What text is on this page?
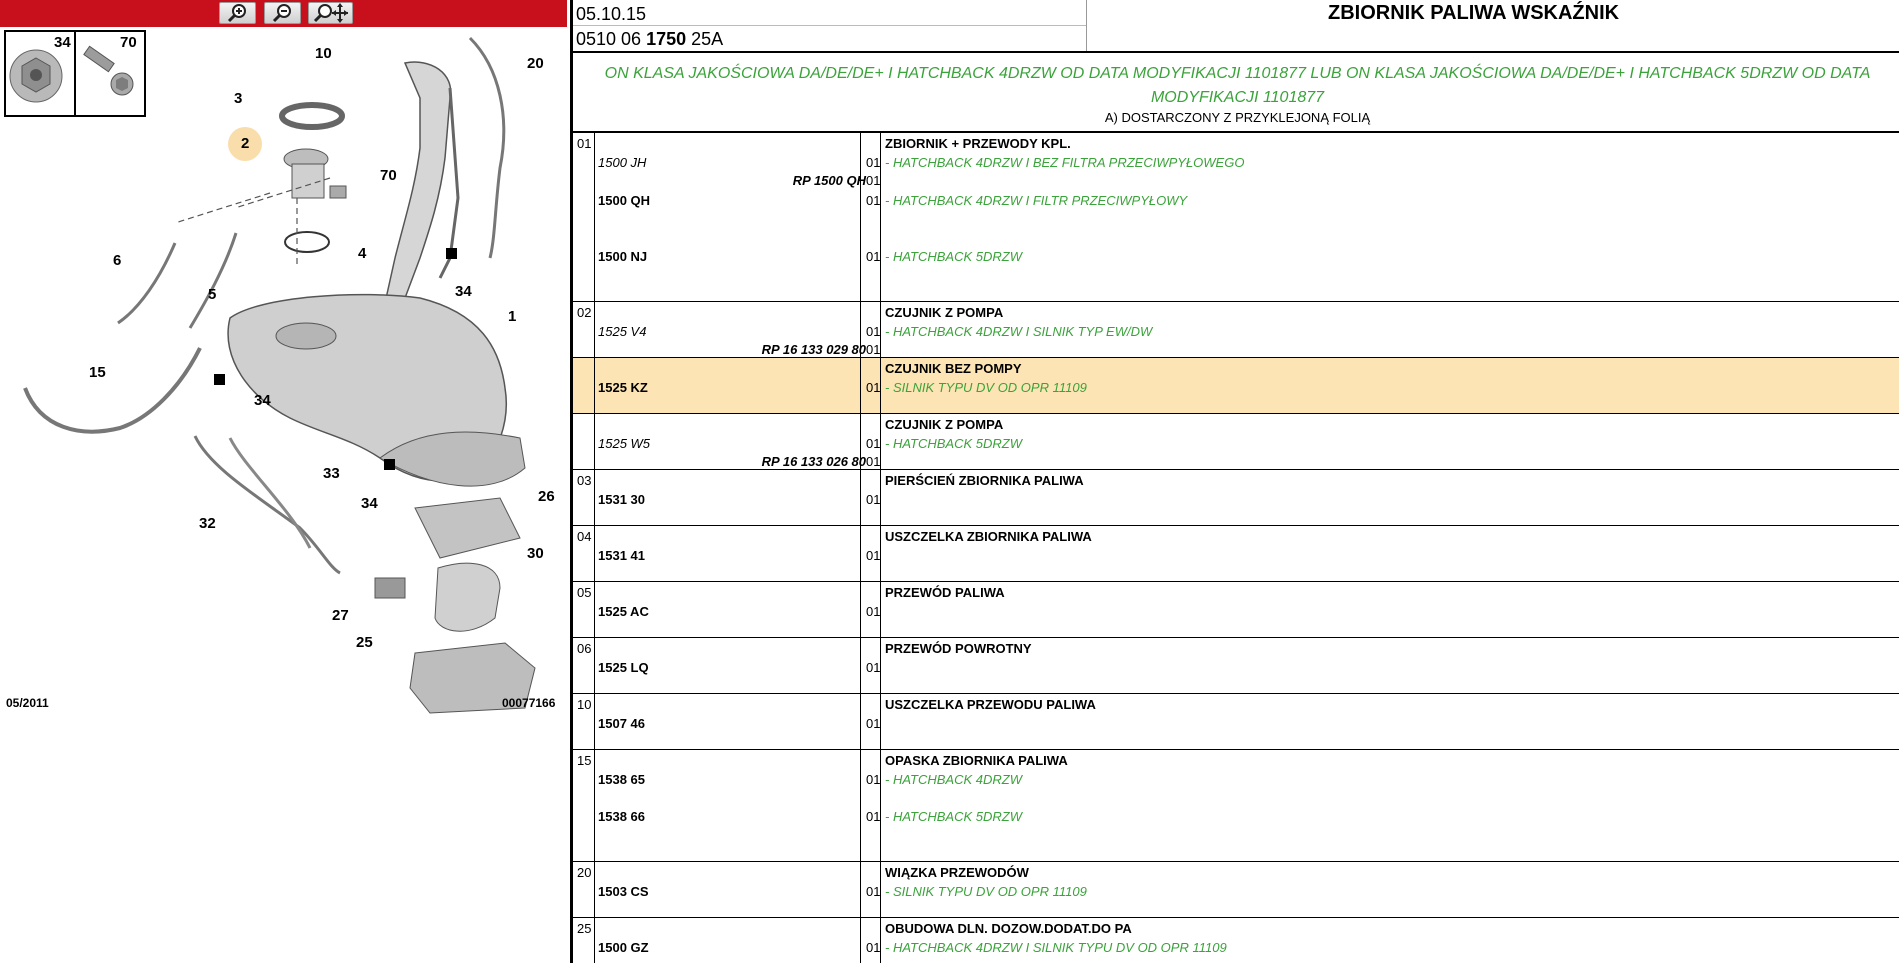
34	70
10
20
3
2
70
4
6
5	34
1
15
34
33
34
32
26
30
27
25
05/2011	00077166
05.10.15
0510 06 1750 25A
ZBIORNIK PALIWA WSKAŹNIK
ON KLASA JAKOŚCIOWA DA/DE/DE+ I HATCHBACK 4DRZW OD DATA MODYFIKACJI 1101877 LUB ON KLASA JAKOŚCIOWA DA/DE/DE+ I HATCHBACK 5DRZW OD DATA
MODYFIKACJI 1101877
A) DOSTARCZONY Z PRZYKLEJONĄ FOLIĄ
01	ZBIORNIK + PRZEWODY KPL.
1500 JH	01 - HATCHBACK 4DRZW I BEZ FILTRA PRZECIWPYŁOWEGO
RP 1500 QH 01
1500 QH	01 - HATCHBACK 4DRZW I FILTR PRZECIWPYŁOWY
1500 NJ	01 - HATCHBACK 5DRZW
02	CZUJNIK Z POMPA
1525 V4	01 - HATCHBACK 4DRZW I SILNIK TYP EW/DW
RP 16 133 029 80 01
CZUJNIK BEZ POMPY
1525 KZ	01 - SILNIK TYPU DV OD OPR 11109
CZUJNIK Z POMPA
1525 W5	01 - HATCHBACK 5DRZW
RP 16 133 026 80 01
03	PIERŚCIEŃ ZBIORNIKA PALIWA
1531 30	01
04	USZCZELKA ZBIORNIKA PALIWA
1531 41	01
05	PRZEWÓD PALIWA
1525 AC	01
06	PRZEWÓD POWROTNY
1525 LQ	01
10	USZCZELKA PRZEWODU PALIWA
1507 46	01
15	OPASKA ZBIORNIKA PALIWA
1538 65	01 - HATCHBACK 4DRZW
1538 66	01 - HATCHBACK 5DRZW
20	WIĄZKA PRZEWODÓW
1503 CS	01 - SILNIK TYPU DV OD OPR 11109
25	OBUDOWA DLN. DOZOW.DODAT.DO PA
1500 GZ	01 - HATCHBACK 4DRZW I SILNIK TYPU DV OD OPR 11109
